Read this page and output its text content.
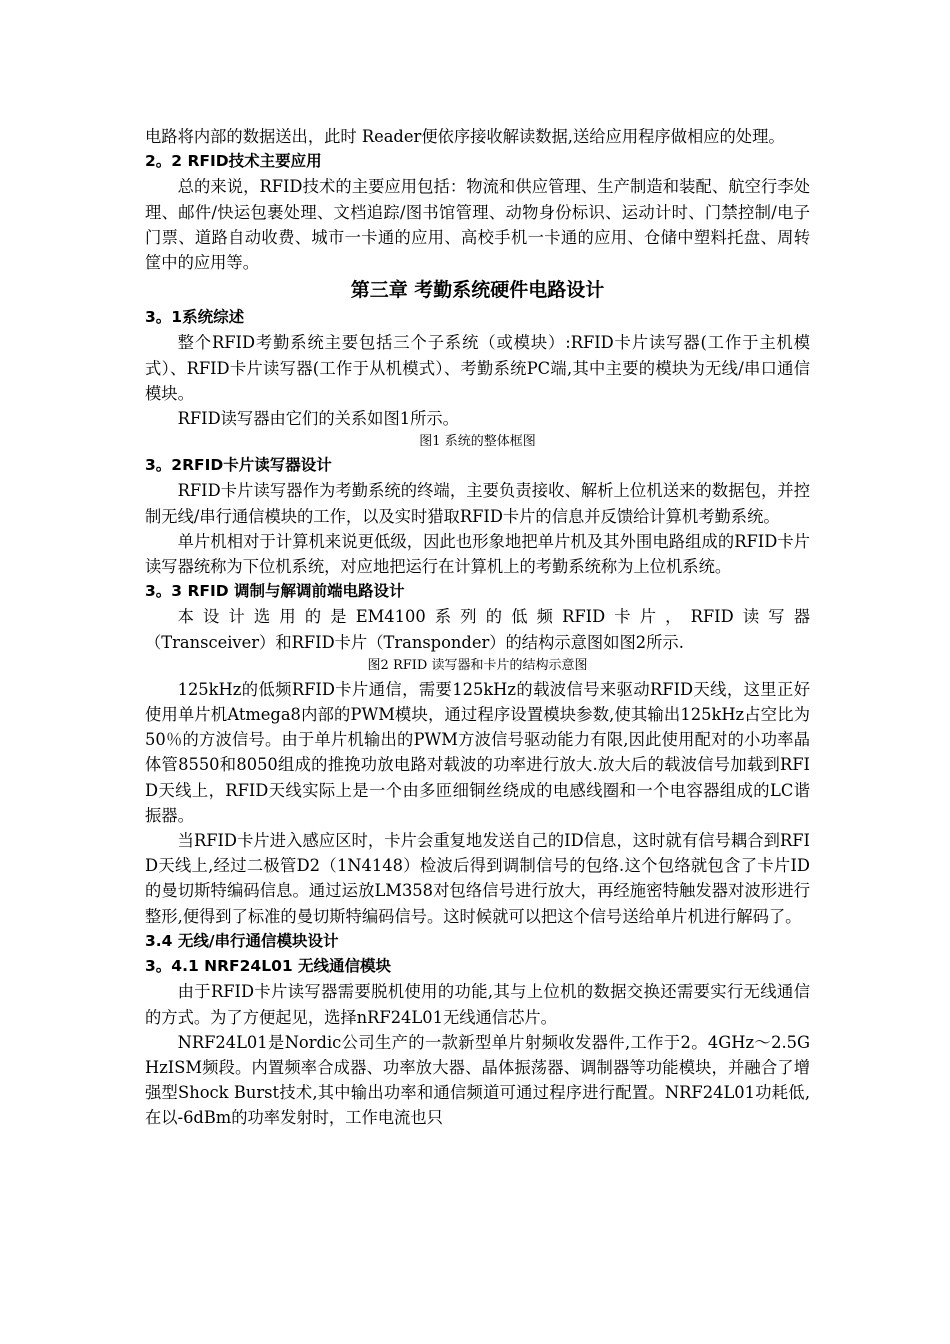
电路将内部的数据送出，此时 Reader便依序接收解读数据,送给应用程序做相应的处理。

2。2 RFID技术主要应用

总的来说，RFID技术的主要应用包括：物流和供应管理、生产制造和装配、航空行李处理、邮件/快运包裹处理、文档追踪/图书馆管理、动物身份标识、运动计时、门禁控制/电子门票、道路自动收费、城市一卡通的应用、高校手机一卡通的应用、仓储中塑料托盘、周转筐中的应用等。

第三章 考勤系统硬件电路设计
3。1系统综述

整个RFID考勤系统主要包括三个子系统（或模块）:RFID卡片读写器(工作于主机模式）、RFID卡片读写器(工作于从机模式）、考勤系统PC端,其中主要的模块为无线/串口通信模块。

RFID读写器由它们的关系如图1所示。

图1 系统的整体框图

3。2RFID卡片读写器设计

RFID卡片读写器作为考勤系统的终端，主要负责接收、解析上位机送来的数据包，并控制无线/串行通信模块的工作，以及实时猎取RFID卡片的信息并反馈给计算机考勤系统。

单片机相对于计算机来说更低级，因此也形象地把单片机及其外围电路组成的RFID卡片读写器统称为下位机系统，对应地把运行在计算机上的考勤系统称为上位机系统。

3。3 RFID 调制与解调前端电路设计

本设计选用的是EM4100系列的低频RFID卡片，RFID读写器

（Transceiver）和RFID卡片（Transponder）的结构示意图如图2所示.

图2 RFID 读写器和卡片的结构示意图

125kHz的低频RFID卡片通信，需要125kHz的载波信号来驱动RFID天线，这里正好使用单片机Atmega8内部的PWM模块，通过程序设置模块参数,使其输出125kHz占空比为50％的方波信号。由于单片机输出的PWM方波信号驱动能力有限,因此使用配对的小功率晶体管8550和8050组成的推挽功放电路对载波的功率进行放大.放大后的载波信号加载到RFID天线上，RFID天线实际上是一个由多匝细铜丝绕成的电感线圈和一个电容器组成的LC谐振器。

当RFID卡片进入感应区时，卡片会重复地发送自己的ID信息，这时就有信号耦合到RFID天线上,经过二极管D2（1N4148）检波后得到调制信号的包络.这个包络就包含了卡片ID的曼切斯特编码信息。通过运放LM358对包络信号进行放大，再经施密特触发器对波形进行整形,便得到了标准的曼切斯特编码信号。这时候就可以把这个信号送给单片机进行解码了。

3.4 无线/串行通信模块设计
3。4.1 NRF24L01 无线通信模块

由于RFID卡片读写器需要脱机使用的功能,其与上位机的数据交换还需要实行无线通信的方式。为了方便起见，选择nRF24L01无线通信芯片。

NRF24L01是Nordic公司生产的一款新型单片射频收发器件,工作于2。4GHz～2.5GHzISM频段。内置频率合成器、功率放大器、晶体振荡器、调制器等功能模块，并融合了增强型Shock Burst技术,其中输出功率和通信频道可通过程序进行配置。NRF24L01功耗低,在以-6dBm的功率发射时，工作电流也只
